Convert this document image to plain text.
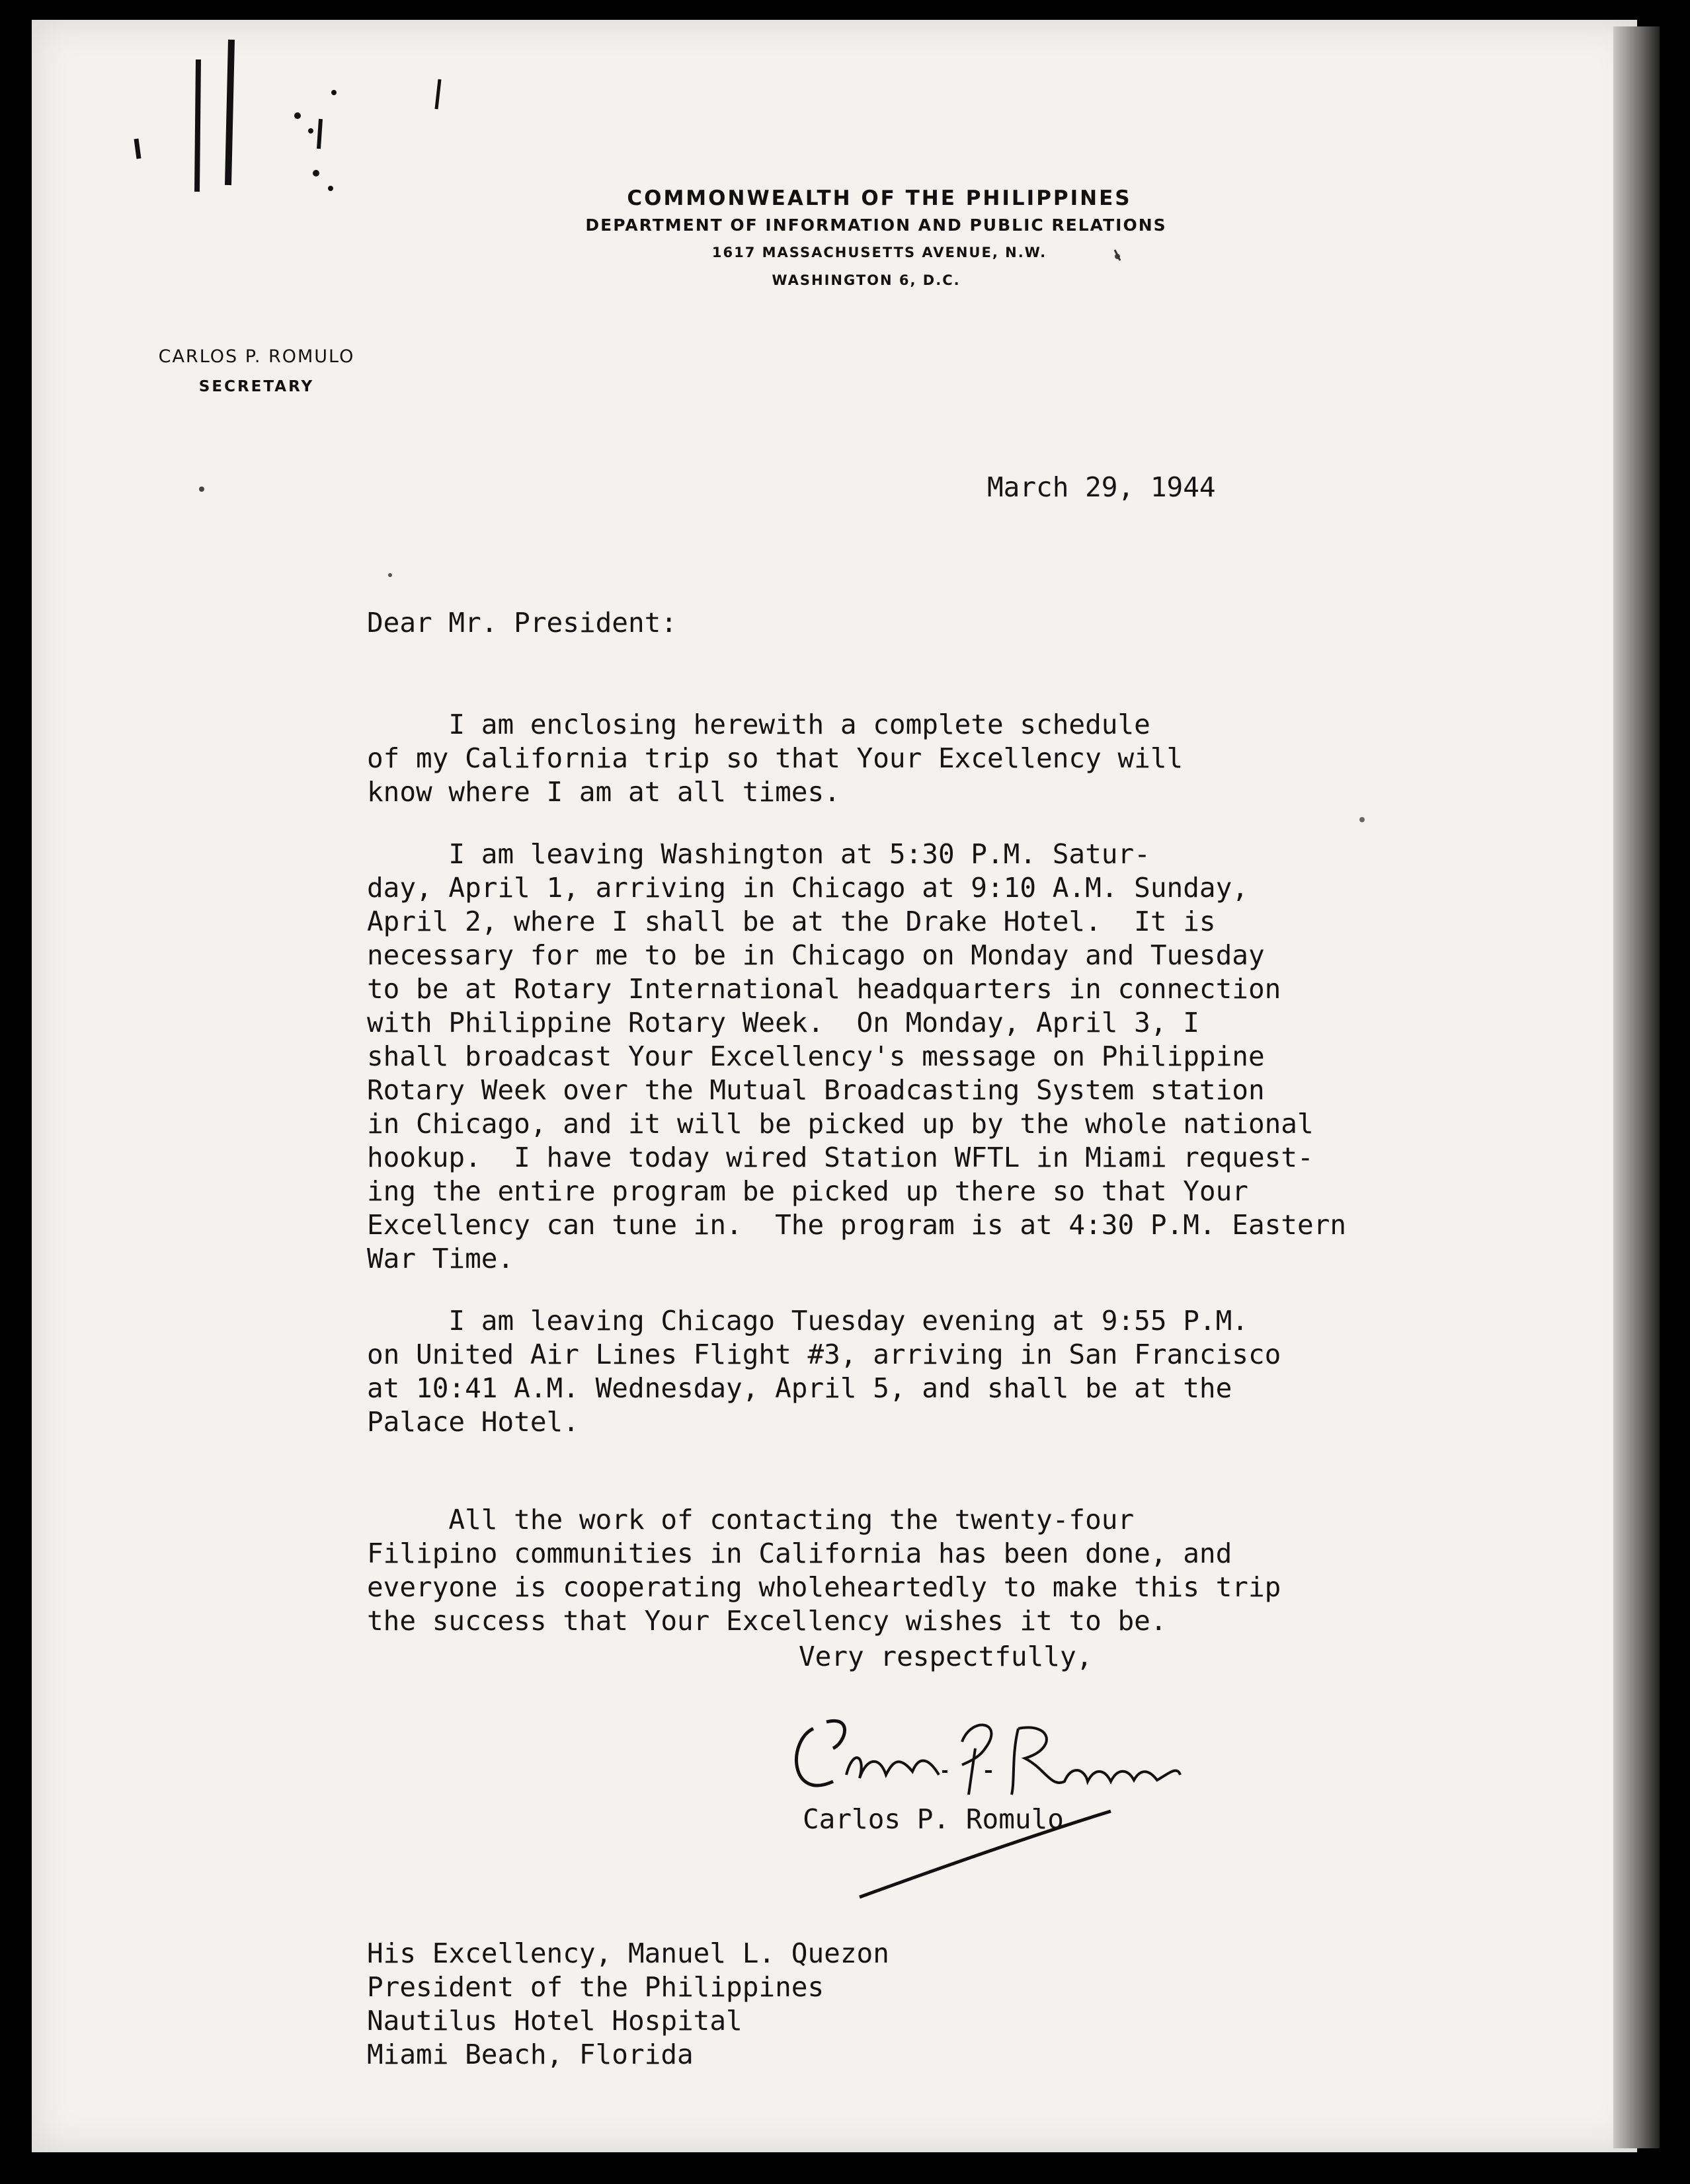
COMMONWEALTH OF THE PHILIPPINES
DEPARTMENT OF INFORMATION AND PUBLIC RELATIONS
1617 MASSACHUSETTS AVENUE, N.W.
WASHINGTON 6, D.C.
CARLOS P. ROMULO
SECRETARY
March 29, 1944
Dear Mr. President:
I am enclosing herewith a complete schedule
of my California trip so that Your Excellency will
know where I am at all times.
I am leaving Washington at 5:30 P.M. Satur-
day, April 1, arriving in Chicago at 9:10 A.M. Sunday,
April 2, where I shall be at the Drake Hotel.  It is
necessary for me to be in Chicago on Monday and Tuesday
to be at Rotary International headquarters in connection
with Philippine Rotary Week.  On Monday, April 3, I
shall broadcast Your Excellency's message on Philippine
Rotary Week over the Mutual Broadcasting System station
in Chicago, and it will be picked up by the whole national
hookup.  I have today wired Station WFTL in Miami request-
ing the entire program be picked up there so that Your
Excellency can tune in.  The program is at 4:30 P.M. Eastern
War Time.
I am leaving Chicago Tuesday evening at 9:55 P.M.
on United Air Lines Flight #3, arriving in San Francisco
at 10:41 A.M. Wednesday, April 5, and shall be at the
Palace Hotel.
All the work of contacting the twenty-four
Filipino communities in California has been done, and
everyone is cooperating wholeheartedly to make this trip
the success that Your Excellency wishes it to be.
Very respectfully,
Carlos P. Romulo
His Excellency, Manuel L. Quezon
President of the Philippines
Nautilus Hotel Hospital
Miami Beach, Florida
